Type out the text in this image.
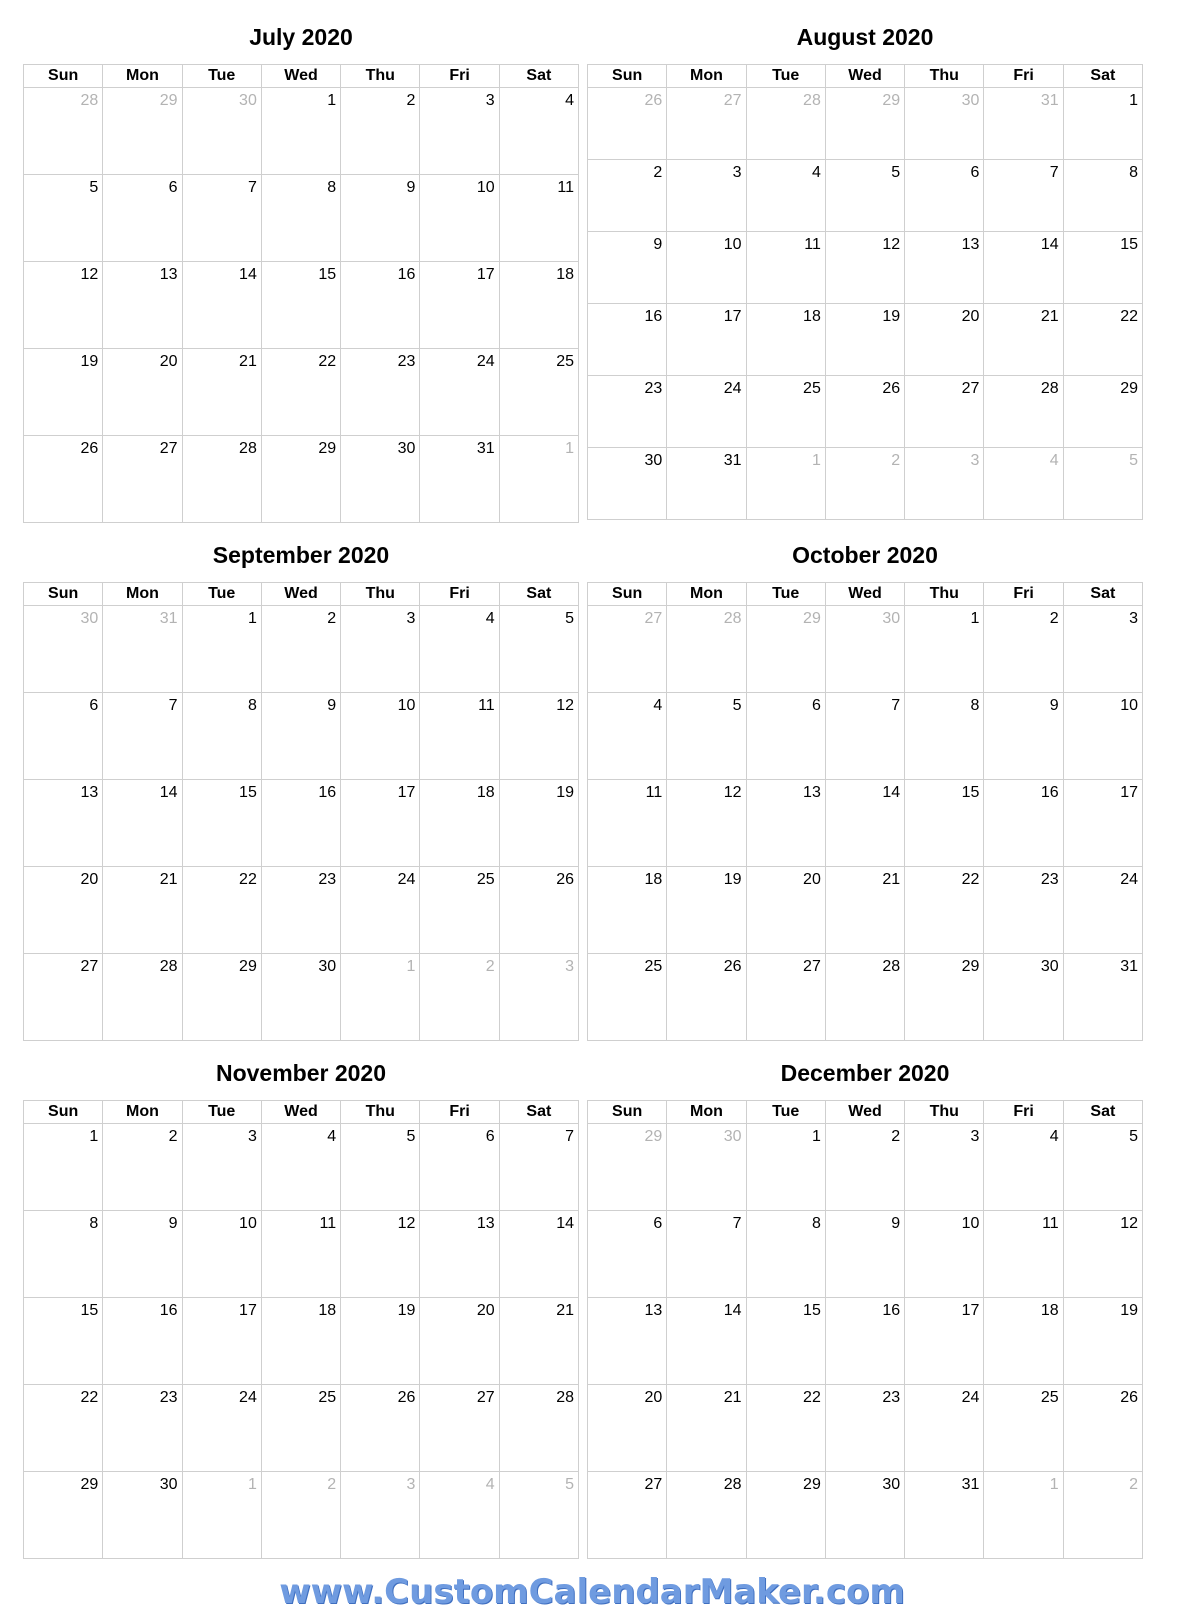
July 2020
Sun	Mon	Tue	Wed	Thu	Fri	Sat
28	29	30	1	2	3	4
5	6	7	8	9	10	11
12	13	14	15	16	17	18
19	20	21	22	23	24	25
26	27	28	29	30	31	1
August 2020
Sun	Mon	Tue	Wed	Thu	Fri	Sat
26	27	28	29	30	31	1
2	3	4	5	6	7	8
9	10	11	12	13	14	15
16	17	18	19	20	21	22
23	24	25	26	27	28	29
30	31	1	2	3	4	5
September 2020
Sun	Mon	Tue	Wed	Thu	Fri	Sat
30	31	1	2	3	4	5
6	7	8	9	10	11	12
13	14	15	16	17	18	19
20	21	22	23	24	25	26
27	28	29	30	1	2	3
October 2020
Sun	Mon	Tue	Wed	Thu	Fri	Sat
27	28	29	30	1	2	3
4	5	6	7	8	9	10
11	12	13	14	15	16	17
18	19	20	21	22	23	24
25	26	27	28	29	30	31
November 2020
Sun	Mon	Tue	Wed	Thu	Fri	Sat
1	2	3	4	5	6	7
8	9	10	11	12	13	14
15	16	17	18	19	20	21
22	23	24	25	26	27	28
29	30	1	2	3	4	5
December 2020
Sun	Mon	Tue	Wed	Thu	Fri	Sat
29	30	1	2	3	4	5
6	7	8	9	10	11	12
13	14	15	16	17	18	19
20	21	22	23	24	25	26
27	28	29	30	31	1	2
www.CustomCalendarMaker.com
